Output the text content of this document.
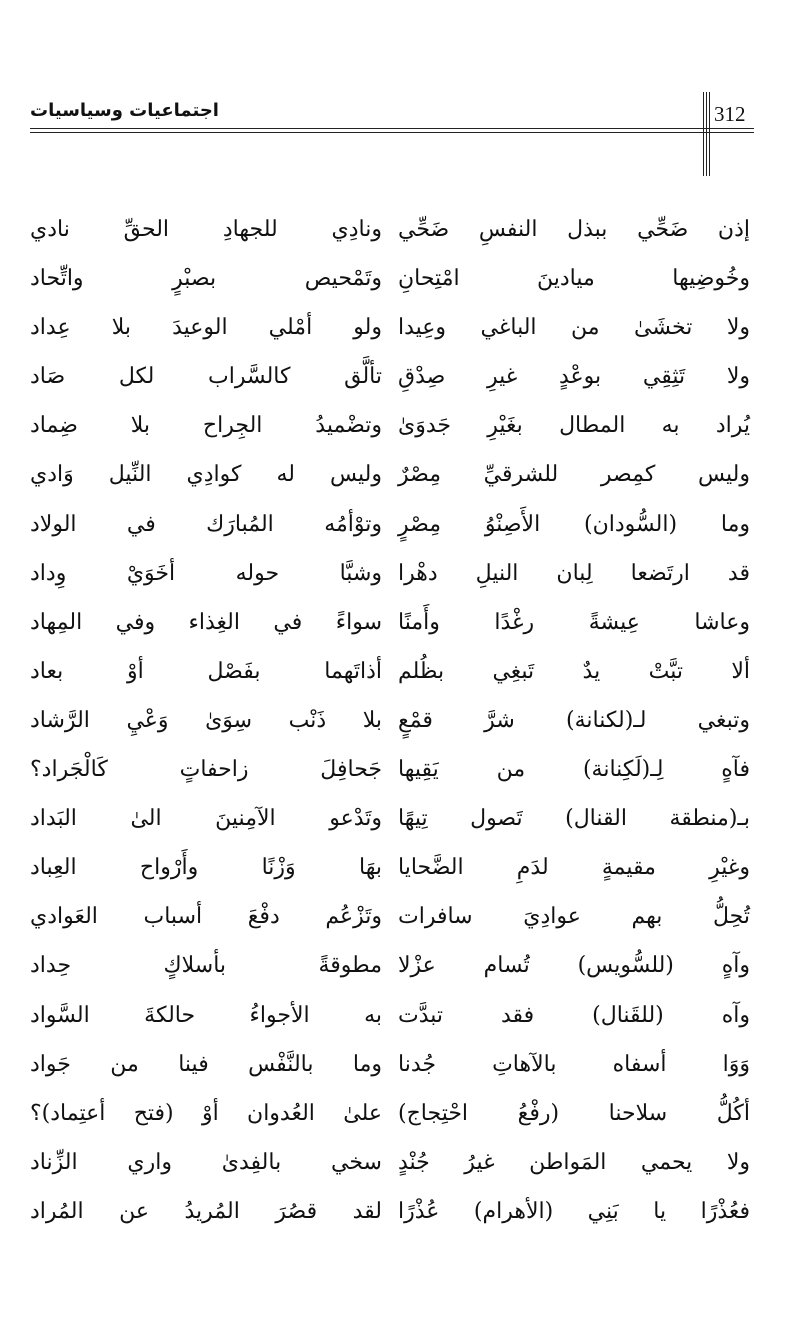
312
اجتماعيات وسياسيات
إذن ضَحِّي ببذل النفسِ ضَحِّي
وخُوضِيها ميادينَ امْتِحانِ
ولا تخشَىٰ من الباغي وعِيدا
ولا تَثِقِي بوعْدٍ غيرِ صِدْقِ
يُراد به المطال بغَيْرِ جَدوَىٰ
وليس كمِصر للشرقيِّ مِصْرٌ
وما (السُّودان) الأَصِنْوُ مِصْرٍ
قد ارتَضعا لِبان النيلِ دهْرا
وعاشا عِيشةً رغْدًا وأَمنًا
ألا تبَّتْ يدٌ تَبغِي بظُلم
وتبغي لـ(لكنانة) شرَّ قمْعٍ
فآهٍ لِـ(لَكِنانة) من يَقِيها
بـ(منطقة القنال) تَصول تِيهًا
وغيْرِ مقيمةٍ لدَمِ الضَّحايا
تُحِلُّ بهم عوادِيَ سافرات
وآهٍ (للسُّويس) تُسام عزْلا
وآه (للقَنال) فقد تبدَّت
وَوَا أسفاه بالآهاتِ جُدنا
أكُلُّ سلاحنا (رفْعُ احْتِجاج)
ولا يحمي المَواطن غيرُ جُنْدٍ
فعُذْرًا يا بَنِي (الأهرام) عُذْرًا
ونادِي للجهادِ الحقِّ نادي
وتَمْحيص بصبْرٍ واتِّحاد
ولو أمْلي الوعيدَ بلا عِداد
تألَّق كالسَّراب لكل صَاد
وتضْميدُ الجِراح بلا ضِماد
وليس له كوادِي النِّيل وَادي
وتوْأمُه المُبارَك في الولاد
وشبَّا حوله أخَوَيْ وِداد
سواءً في الغِذاء وفي المِهاد
أذاتَهما بفَصْل أوْ بعاد
بلا ذَنْب سِوَىٰ وَعْيِ الرَّشاد
جَحافِلَ زاحفاتٍ كَالْجَراد؟
وتَدْعو الآمِنينَ الىٰ البَداد
بهَا وَزْنًا وأَرْواح العِباد
وتَزْعُم دفْعَ أسباب العَوادي
مطوقةً بأسلاكٍ حِداد
به الأجواءُ حالكةَ السَّواد
وما بالنَّفْس فينا من جَواد
علىٰ العُدوان أوْ (فتح أعتِماد)؟
سخي بالفِدىٰ واري الزِّناد
لقد قصُرَ المُريدُ عن المُراد
